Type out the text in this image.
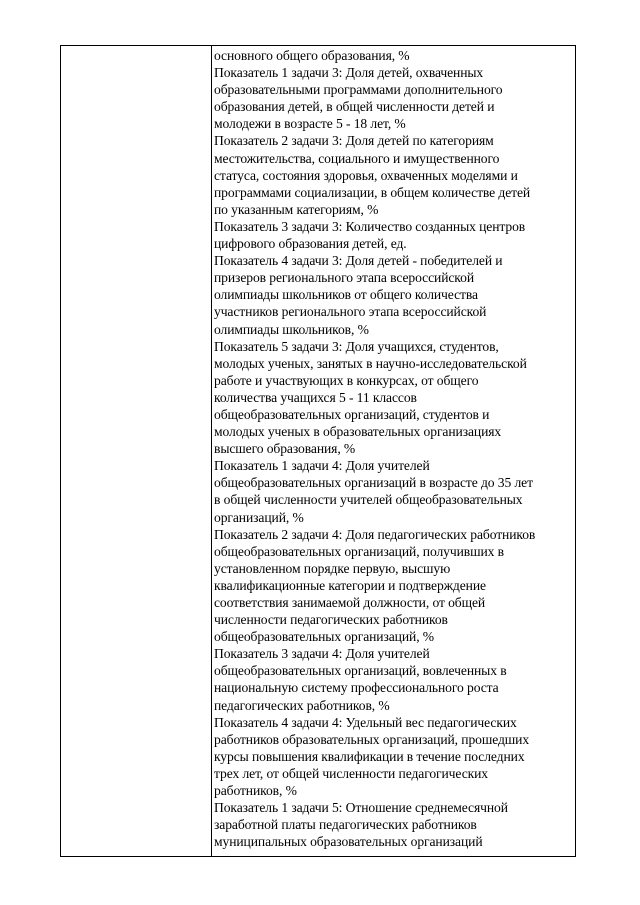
основного общего образования, %
Показатель 1 задачи 3: Доля детей, охваченных
образовательными программами дополнительного
образования детей, в общей численности детей и
молодежи в возрасте 5 - 18 лет, %
Показатель 2 задачи 3: Доля детей по категориям
местожительства, социального и имущественного
статуса, состояния здоровья, охваченных моделями и
программами социализации, в общем количестве детей
по указанным категориям, %
Показатель 3 задачи 3: Количество созданных центров
цифрового образования детей, ед.
Показатель 4 задачи 3: Доля детей - победителей и
призеров регионального этапа всероссийской
олимпиады школьников от общего количества
участников регионального этапа всероссийской
олимпиады школьников, %
Показатель 5 задачи 3: Доля учащихся, студентов,
молодых ученых, занятых в научно-исследовательской
работе и участвующих в конкурсах, от общего
количества учащихся 5 - 11 классов
общеобразовательных организаций, студентов и
молодых ученых в образовательных организациях
высшего образования, %
Показатель 1 задачи 4: Доля учителей
общеобразовательных организаций в возрасте до 35 лет
в общей численности учителей общеобразовательных
организаций, %
Показатель 2 задачи 4: Доля педагогических работников
общеобразовательных организаций, получивших в
установленном порядке первую, высшую
квалификационные категории и подтверждение
соответствия занимаемой должности, от общей
численности педагогических работников
общеобразовательных организаций, %
Показатель 3 задачи 4: Доля учителей
общеобразовательных организаций, вовлеченных в
национальную систему профессионального роста
педагогических работников, %
Показатель 4 задачи 4: Удельный вес педагогических
работников образовательных организаций, прошедших
курсы повышения квалификации в течение последних
трех лет, от общей численности педагогических
работников, %
Показатель 1 задачи 5: Отношение среднемесячной
заработной платы педагогических работников
муниципальных образовательных организаций
